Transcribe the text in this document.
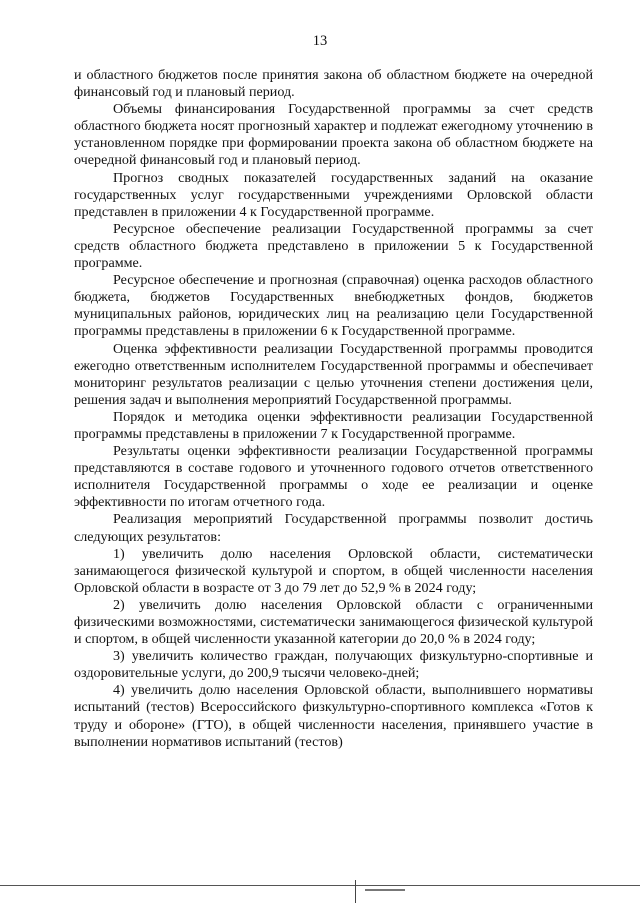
13

и областного бюджетов после принятия закона об областном бюджете на очередной финансовый год и плановый период.

Объемы финансирования Государственной программы за счет средств областного бюджета носят прогнозный характер и подлежат ежегодному уточнению в установленном порядке при формировании проекта закона об областном бюджете на очередной финансовый год и плановый период.

Прогноз сводных показателей государственных заданий на оказание государственных услуг государственными учреждениями Орловской области представлен в приложении 4 к Государственной программе.

Ресурсное обеспечение реализации Государственной программы за счет средств областного бюджета представлено в приложении 5 к Государственной программе.

Ресурсное обеспечение и прогнозная (справочная) оценка расходов областного бюджета, бюджетов Государственных внебюджетных фондов, бюджетов муниципальных районов, юридических лиц на реализацию цели Государственной программы представлены в приложении 6 к Государственной программе.

Оценка эффективности реализации Государственной программы проводится ежегодно ответственным исполнителем Государственной программы и обеспечивает мониторинг результатов реализации с целью уточнения степени достижения цели, решения задач и выполнения мероприятий Государственной программы.

Порядок и методика оценки эффективности реализации Государственной программы представлены в приложении 7 к Государственной программе.

Результаты оценки эффективности реализации Государственной программы представляются в составе годового и уточненного годового отчетов ответственного исполнителя Государственной программы о ходе ее реализации и оценке эффективности по итогам отчетного года.

Реализация мероприятий Государственной программы позволит достичь следующих результатов:

1) увеличить долю населения Орловской области, систематически занимающегося физической культурой и спортом, в общей численности населения Орловской области в возрасте от 3 до 79 лет до 52,9 % в 2024 году;

2) увеличить долю населения Орловской области с ограниченными физическими возможностями, систематически занимающегося физической культурой и спортом, в общей численности указанной категории до 20,0 % в 2024 году;

3) увеличить количество граждан, получающих физкультурно-спортивные и оздоровительные услуги, до 200,9 тысячи человеко-дней;

4) увеличить долю населения Орловской области, выполнившего нормативы испытаний (тестов) Всероссийского физкультурно-спортивного комплекса «Готов к труду и обороне» (ГТО), в общей численности населения, принявшего участие в выполнении нормативов испытаний (тестов)
